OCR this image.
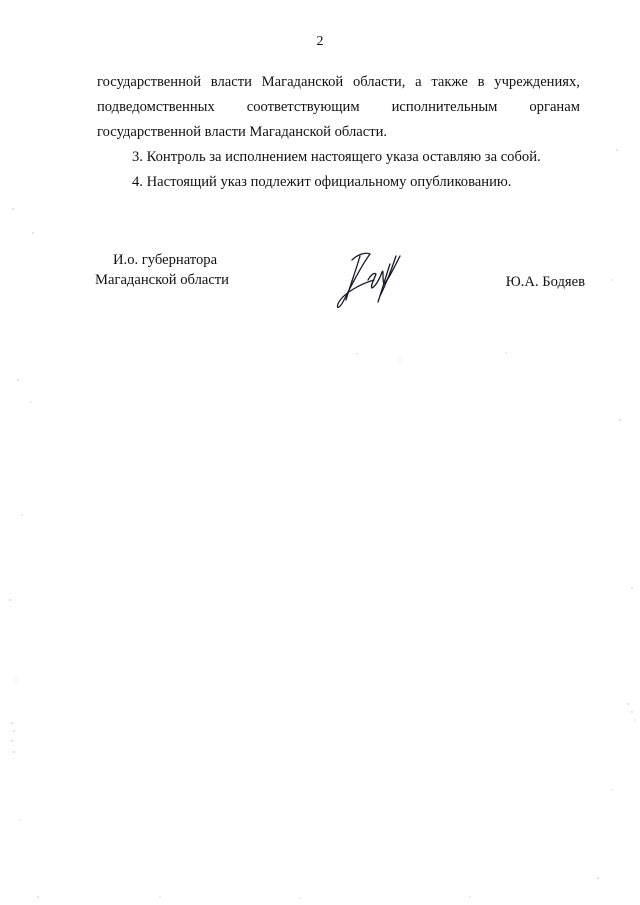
2
государственной власти Магаданской области, а также в учреждениях,
подведомственных соответствующим исполнительным органам
государственной власти Магаданской области.

3. Контроль за исполнением настоящего указа оставляю за собой.

4. Настоящий указ подлежит официальному опубликованию.

И.о. губернатора
Магаданской области	Ю.А. Бодяев
